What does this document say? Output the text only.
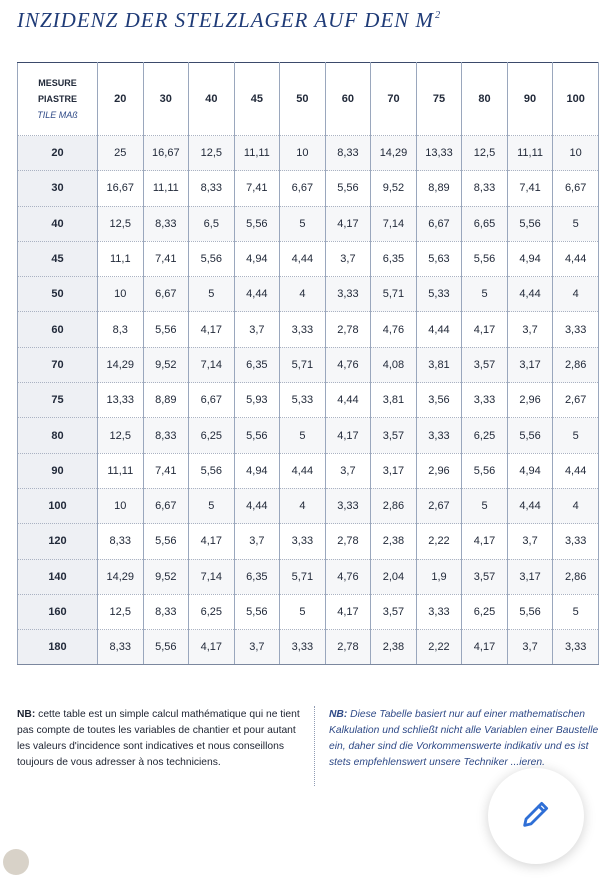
INZIDENZ DER STELZLAGER AUF DEN $M^2$
MESURE
PIASTRE
TILE MAß	20	30	40	45	50	60	70	75	80	90	100
20	25	16,67	12,5	11,11	10	8,33	14,29	13,33	12,5	11,11	10
30	16,67	11,11	8,33	7,41	6,67	5,56	9,52	8,89	8,33	7,41	6,67
40	12,5	8,33	6,5	5,56	5	4,17	7,14	6,67	6,65	5,56	5
45	11,1	7,41	5,56	4,94	4,44	3,7	6,35	5,63	5,56	4,94	4,44
50	10	6,67	5	4,44	4	3,33	5,71	5,33	5	4,44	4
60	8,3	5,56	4,17	3,7	3,33	2,78	4,76	4,44	4,17	3,7	3,33
70	14,29	9,52	7,14	6,35	5,71	4,76	4,08	3,81	3,57	3,17	2,86
75	13,33	8,89	6,67	5,93	5,33	4,44	3,81	3,56	3,33	2,96	2,67
80	12,5	8,33	6,25	5,56	5	4,17	3,57	3,33	6,25	5,56	5
90	11,11	7,41	5,56	4,94	4,44	3,7	3,17	2,96	5,56	4,94	4,44
100	10	6,67	5	4,44	4	3,33	2,86	2,67	5	4,44	4
120	8,33	5,56	4,17	3,7	3,33	2,78	2,38	2,22	4,17	3,7	3,33
140	14,29	9,52	7,14	6,35	5,71	4,76	2,04	1,9	3,57	3,17	2,86
160	12,5	8,33	6,25	5,56	5	4,17	3,57	3,33	6,25	5,56	5
180	8,33	5,56	4,17	3,7	3,33	2,78	2,38	2,22	4,17	3,7	3,33
NB: cette table est un simple calcul mathématique qui ne tient pas compte de toutes les variables de chantier et pour autant les valeurs d'incidence sont indicatives et nous conseillons toujours de vous adresser à nos techniciens.
NB: Diese Tabelle basiert nur auf einer mathematischen Kalkulation und schließt nicht alle Variablen einer Baustelle ein, daher sind die Vorkommenswerte indikativ und es ist stets empfehlenswert unsere Techniker ...ieren.
